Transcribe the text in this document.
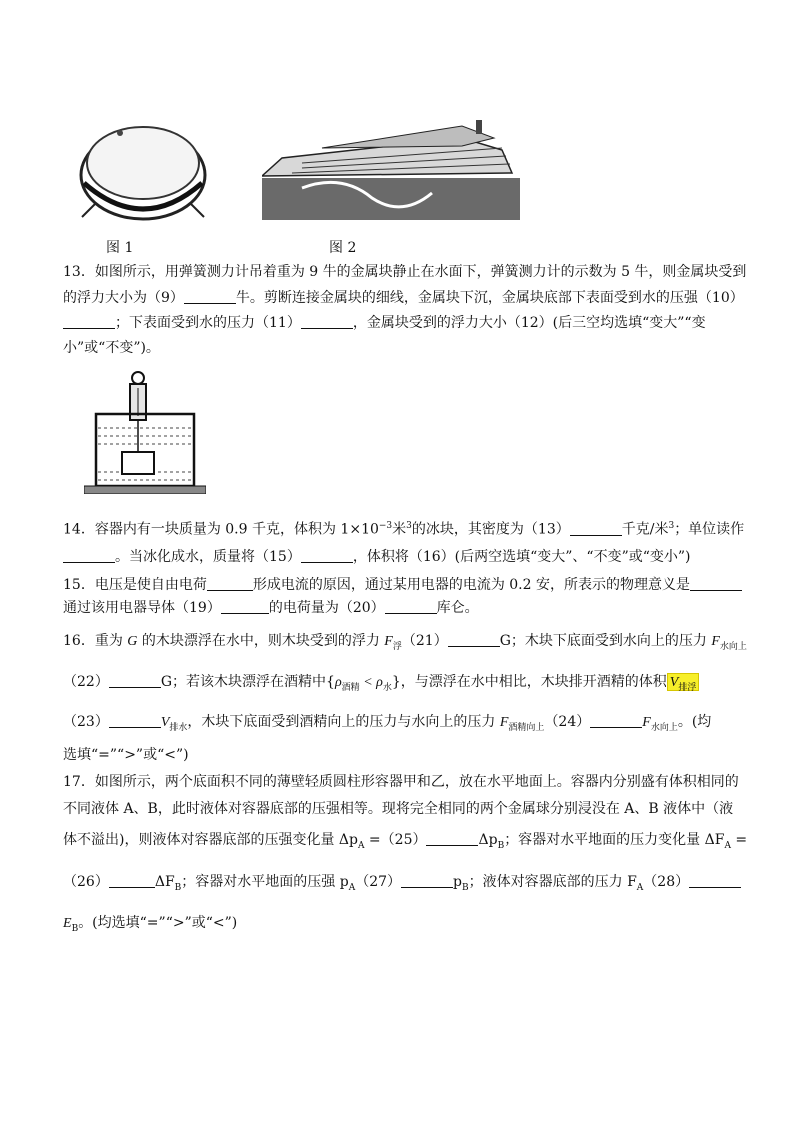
图 1	图 2
13．如图所示，用弹簧测力计吊着重为 9 牛的金属块静止在水面下，弹簧测力计的示数为 5 牛，则金属块受到
的浮力大小为（9）	牛。剪断连接金属块的细线，金属块下沉，金属块底部下表面受到水的压强（10）
；下表面受到水的压力（11）	，金属块受到的浮力大小（12）(后三空均选填“变大”“变
小”或“不变”)。
14．容器内有一块质量为 0.9 千克，体积为 $1\times 10^{-3}$米$^3$的冰块，其密度为（13）	千克/米$^3$；单位读作
。当冰化成水，质量将（15）	，体积将（16）(后两空选填“变大”、“不变”或“变小”)
15．电压是使自由电荷	形成电流的原因，通过某用电器的电流为 0.2 安，所表示的物理意义是
通过该用电器导体（19）	的电荷量为（20）	库仑。
16．重为 G 的木块漂浮在水中，则木块受到的浮力 $F_浮(21)$	G；木块下底面受到水向上的压力 $F_{水向上}$
（22）	G；若该木块漂浮在酒精中$\{\rho_{酒精} < \rho_水\}$，与漂浮在水中相比，木块排开酒精的体积 $V_{排浮}$
（23）	$V_{排水}$，木块下底面受到酒精向上的压力与水向上的压力 $F_{酒精向上}(24)$	$F_{水向上}$。(均
选填“=”“>”或“<”)
17．如图所示，两个底面积不同的薄壁轻质圆柱形容器甲和乙，放在水平地面上。容器内分别盛有体积相同的
不同液体 A、B，此时液体对容器底部的压强相等。现将完全相同的两个金属球分别浸没在 A、B 液体中（液
体不溢出)，则液体对容器底部的压强变化量 $\Delta p_A =(25)$	$\Delta p_B$；容器对水平地面的压力变化量 $\Delta F_A$ =
（26）	$\Delta F_B$；容器对水平地面的压强 $p_A(27)$	$p_B$；液体对容器底部的压力 $F_A(28)$
$E_B$。(均选填“=”“>”或“<”)
